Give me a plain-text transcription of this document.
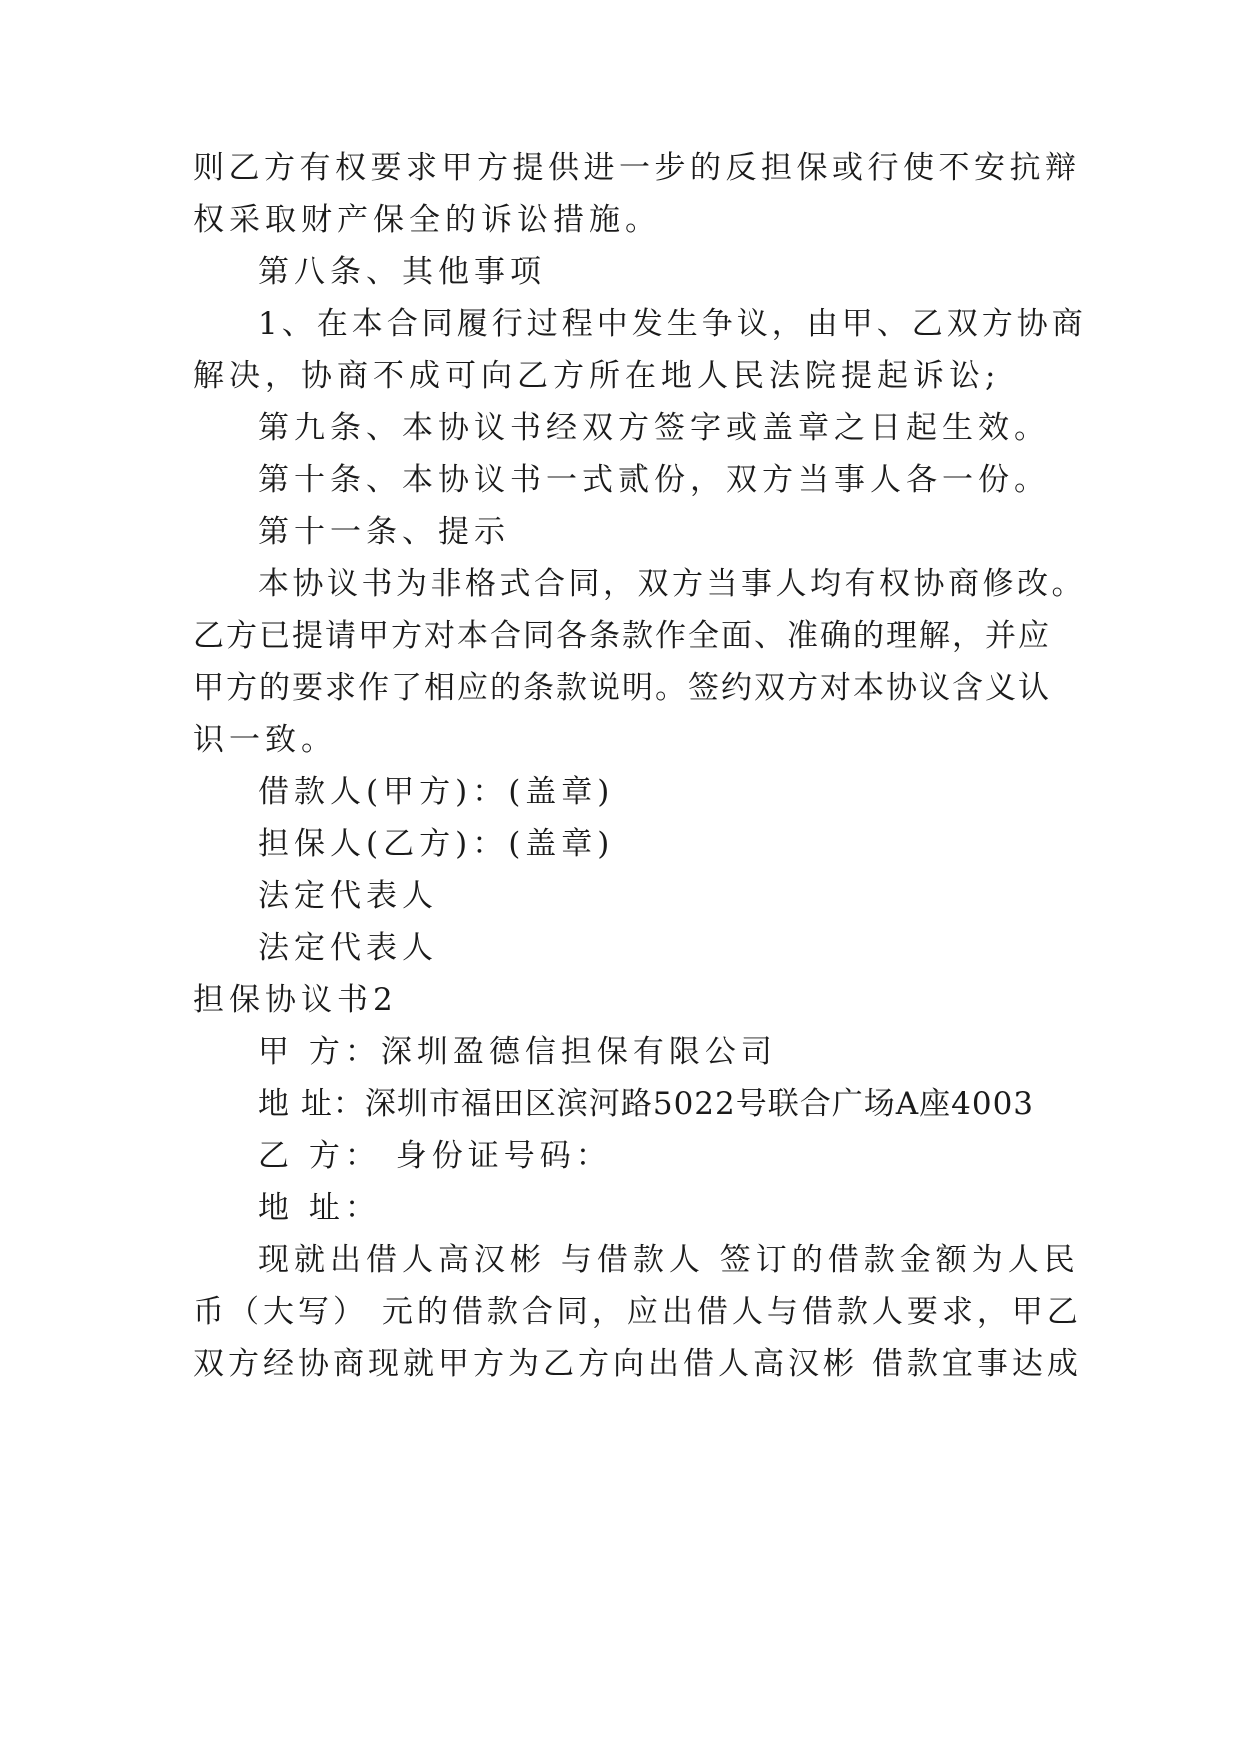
则乙方有权要求甲方提供进一步的反担保或行使不安抗辩
权采取财产保全的诉讼措施。
第八条、其他事项
1、在本合同履行过程中发生争议，由甲、乙双方协商
解决，协商不成可向乙方所在地人民法院提起诉讼;
第九条、本协议书经双方签字或盖章之日起生效。
第十条、本协议书一式贰份，双方当事人各一份。
第十一条、提示
本协议书为非格式合同，双方当事人均有权协商修改。
乙方已提请甲方对本合同各条款作全面、准确的理解，并应
甲方的要求作了相应的条款说明。签约双方对本协议含义认
识一致。
借款人(甲方)：(盖章)
担保人(乙方)：(盖章)
法定代表人
法定代表人
担保协议书2
甲 方：深圳盈德信担保有限公司
地 址：深圳市福田区滨河路5022号联合广场A座4003
乙 方： 身份证号码：
地 址：
现就出借人高汉彬 与借款人 签订的借款金额为人民
币（大写） 元的借款合同，应出借人与借款人要求，甲乙
双方经协商现就甲方为乙方向出借人高汉彬 借款宜事达成
